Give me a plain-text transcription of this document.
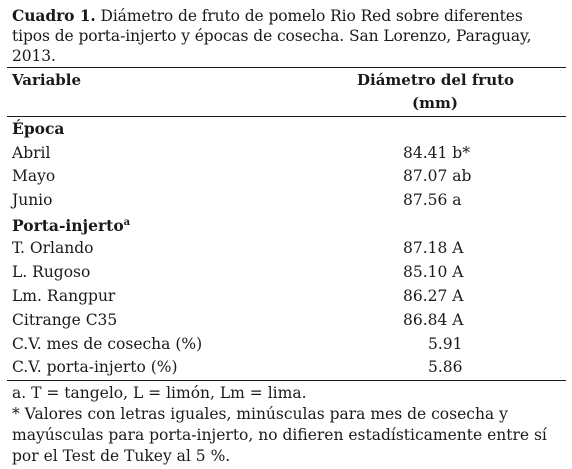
Cuadro 1. Diámetro de fruto de pomelo Rio Red sobre diferentes tipos de porta-injerto y épocas de cosecha. San Lorenzo, Paraguay, 2013.
Variable	Diámetro del fruto
(mm)
Época
Abril	84.41 b*
Mayo	87.07 ab
Junio	87.56 a
Porta-injerto$^a$
T. Orlando	87.18 A
L. Rugoso	85.10 A
Lm. Rangpur	86.27 A
Citrange C35	86.84 A
C.V. mes de cosecha (%)	5.91
C.V. porta-injerto (%)	5.86
a. T = tangelo, L = limón, Lm = lima.
* Valores con letras iguales, minúsculas para mes de cosecha y mayúsculas para porta-injerto, no difieren estadísticamente entre sí por el Test de Tukey al 5 %.
